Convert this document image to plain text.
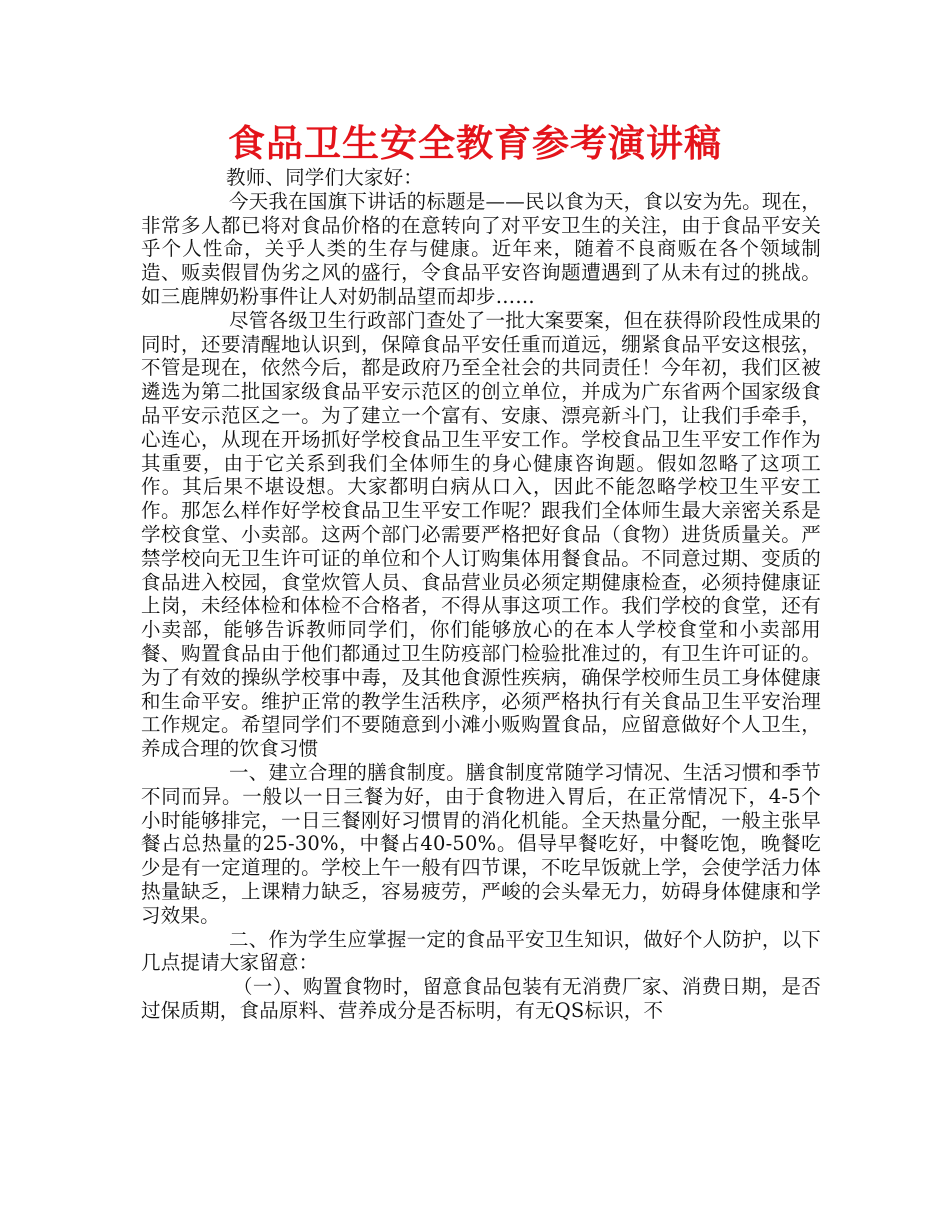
食品卫生安全教育参考演讲稿

教师、同学们大家好：

今天我在国旗下讲话的标题是——民以食为天，食以安为先。现在，非常多人都已将对食品价格的在意转向了对平安卫生的关注，由于食品平安关乎个人性命，关乎人类的生存与健康。近年来，随着不良商贩在各个领域制造、贩卖假冒伪劣之风的盛行，令食品平安咨询题遭遇到了从未有过的挑战。如三鹿牌奶粉事件让人对奶制品望而却步……

尽管各级卫生行政部门查处了一批大案要案，但在获得阶段性成果的同时，还要清醒地认识到，保障食品平安任重而道远，绷紧食品平安这根弦，不管是现在，依然今后，都是政府乃至全社会的共同责任！今年初，我们区被遴选为第二批国家级食品平安示范区的创立单位，并成为广东省两个国家级食品平安示范区之一。为了建立一个富有、安康、漂亮新斗门，让我们手牵手，心连心，从现在开场抓好学校食品卫生平安工作。学校食品卫生平安工作作为其重要，由于它关系到我们全体师生的身心健康咨询题。假如忽略了这项工作。其后果不堪设想。大家都明白病从口入，因此不能忽略学校卫生平安工作。那怎么样作好学校食品卫生平安工作呢？跟我们全体师生最大亲密关系是学校食堂、小卖部。这两个部门必需要严格把好食品（食物）进货质量关。严禁学校向无卫生许可证的单位和个人订购集体用餐食品。不同意过期、变质的食品进入校园，食堂炊管人员、食品营业员必须定期健康检查，必须持健康证上岗，未经体检和体检不合格者，不得从事这项工作。我们学校的食堂，还有小卖部，能够告诉教师同学们，你们能够放心的在本人学校食堂和小卖部用餐、购置食品由于他们都通过卫生防疫部门检验批准过的，有卫生许可证的。为了有效的操纵学校事中毒，及其他食源性疾病，确保学校师生员工身体健康和生命平安。维护正常的教学生活秩序，必须严格执行有关食品卫生平安治理工作规定。希望同学们不要随意到小滩小贩购置食品，应留意做好个人卫生，养成合理的饮食习惯

一、建立合理的膳食制度。膳食制度常随学习情况、生活习惯和季节不同而异。一般以一日三餐为好，由于食物进入胃后，在正常情况下，4-5个小时能够排完，一日三餐刚好习惯胃的消化机能。全天热量分配，一般主张早餐占总热量的25-30%，中餐占40-50%。倡导早餐吃好，中餐吃饱，晚餐吃少是有一定道理的。学校上午一般有四节课，不吃早饭就上学，会使学活力体热量缺乏，上课精力缺乏，容易疲劳，严峻的会头晕无力，妨碍身体健康和学习效果。

二、作为学生应掌握一定的食品平安卫生知识，做好个人防护，以下几点提请大家留意：

（一）、购置食物时，留意食品包装有无消费厂家、消费日期，是否过保质期，食品原料、营养成分是否标明，有无QS标识，不
